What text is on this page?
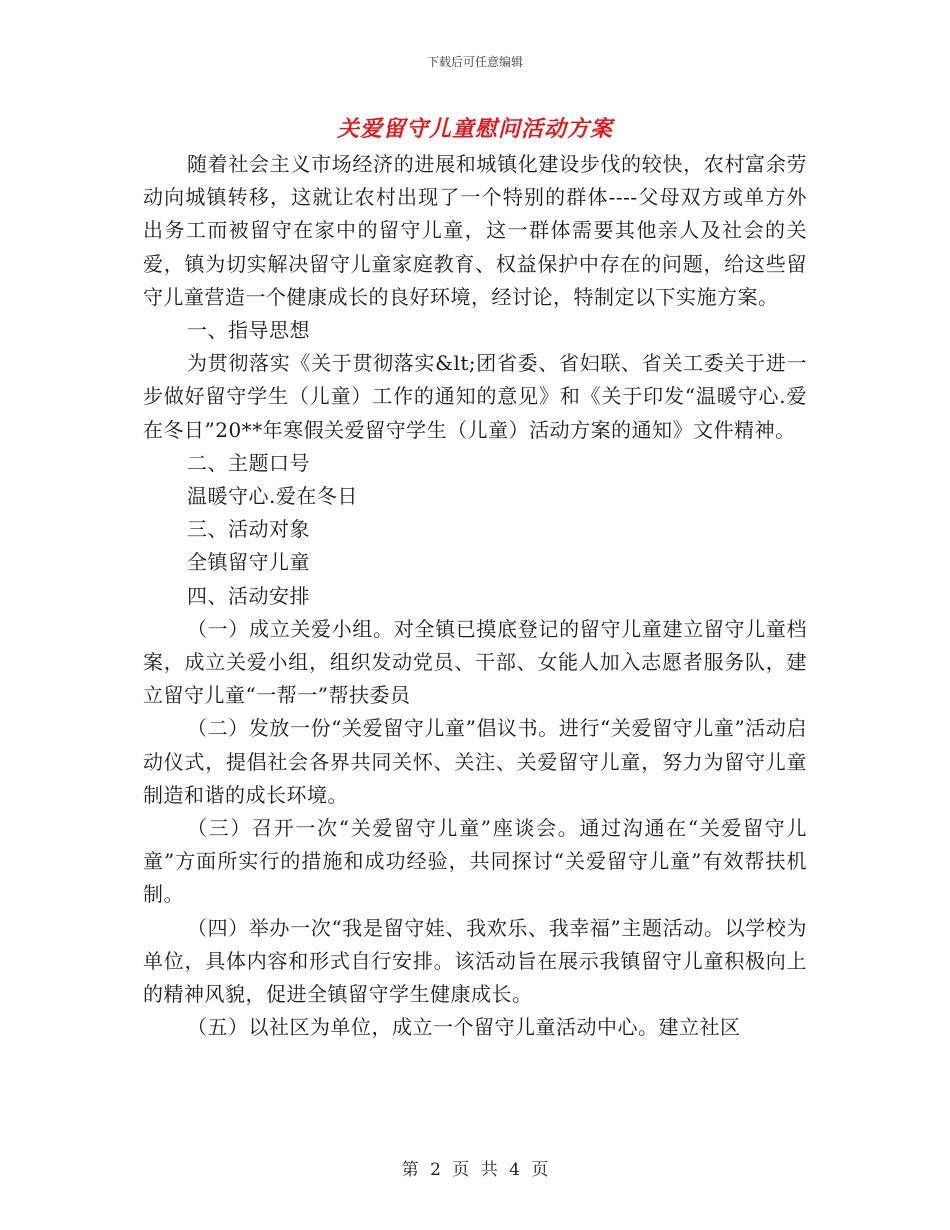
下载后可任意编辑
关爱留守儿童慰问活动方案

随着社会主义市场经济的进展和城镇化建设步伐的较快，农村富余劳动向城镇转移，这就让农村出现了一个特别的群体----父母双方或单方外出务工而被留守在家中的留守儿童，这一群体需要其他亲人及社会的关爱，镇为切实解决留守儿童家庭教育、权益保护中存在的问题，给这些留守儿童营造一个健康成长的良好环境，经讨论，特制定以下实施方案。

一、指导思想

为贯彻落实《关于贯彻落实&lt;团省委、省妇联、省关工委关于进一步做好留守学生（儿童）工作的通知的意见》和《关于印发“温暖守心.爱在冬日”20**年寒假关爱留守学生（儿童）活动方案的通知》文件精神。

二、主题口号

温暖守心.爱在冬日

三、活动对象

全镇留守儿童

四、活动安排

（一）成立关爱小组。对全镇已摸底登记的留守儿童建立留守儿童档案，成立关爱小组，组织发动党员、干部、女能人加入志愿者服务队，建立留守儿童“一帮一”帮扶委员

（二）发放一份“关爱留守儿童”倡议书。进行“关爱留守儿童”活动启动仪式，提倡社会各界共同关怀、关注、关爱留守儿童，努力为留守儿童制造和谐的成长环境。

（三）召开一次“关爱留守儿童”座谈会。通过沟通在“关爱留守儿童”方面所实行的措施和成功经验，共同探讨“关爱留守儿童”有效帮扶机制。

（四）举办一次“我是留守娃、我欢乐、我幸福”主题活动。以学校为单位，具体内容和形式自行安排。该活动旨在展示我镇留守儿童积极向上的精神风貌，促进全镇留守学生健康成长。

（五）以社区为单位，成立一个留守儿童活动中心。建立社区

第 2 页 共 4 页
